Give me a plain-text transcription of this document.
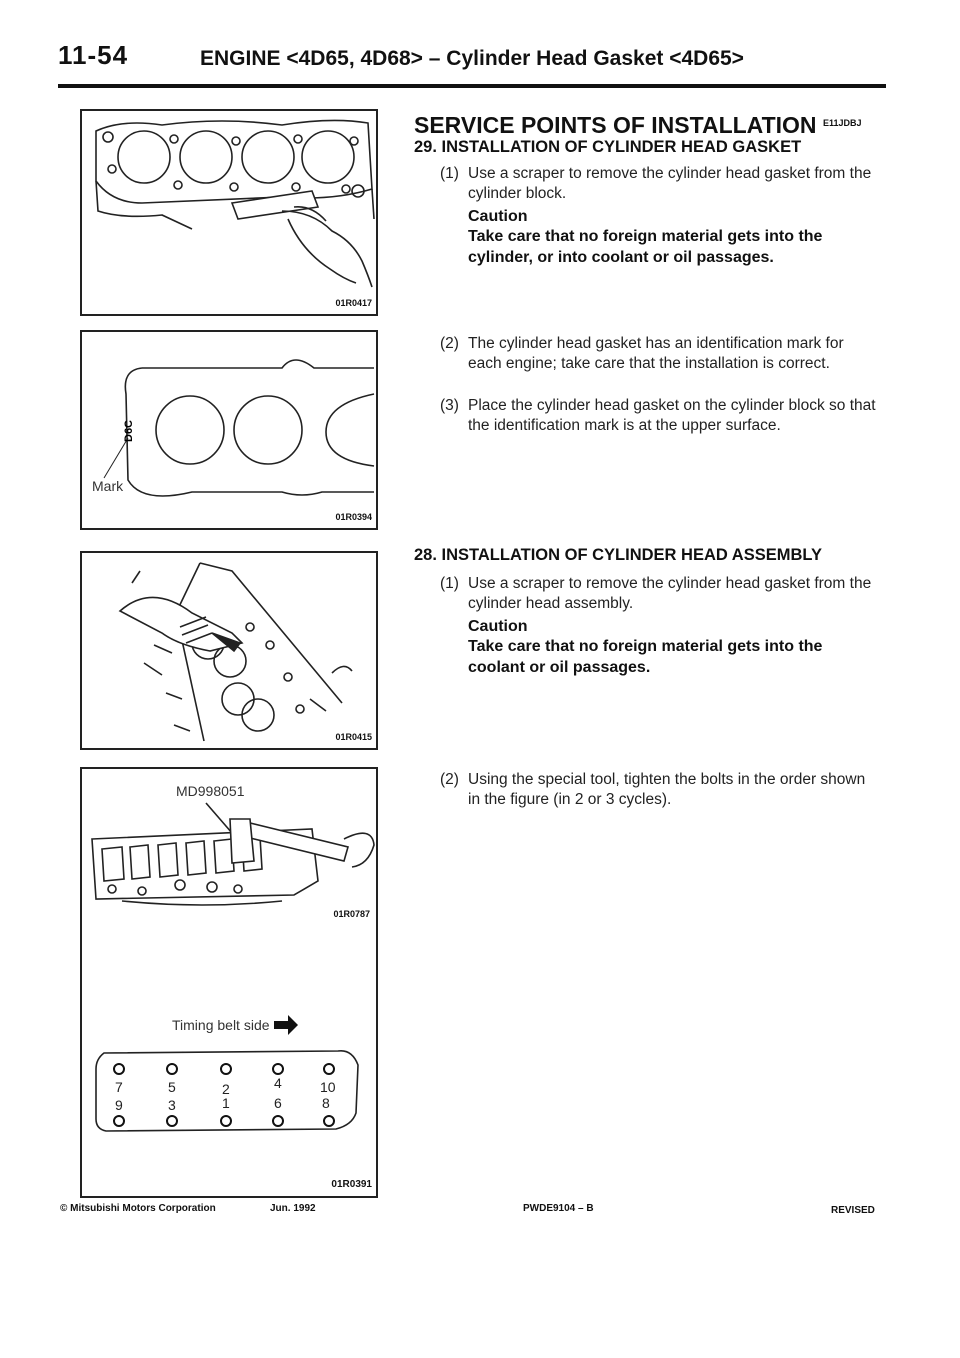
11-54	ENGINE <4D65, 4D68> – Cylinder Head Gasket <4D65>
01R0417
D6C
Mark
01R0394
01R0415
MD998051
01R0787
Timing belt side
7	5	2	4	10
9	3	1	6	8
01R0391
SERVICE POINTS OF INSTALLATION E11JDBJ
29. INSTALLATION OF CYLINDER HEAD GASKET
(1) Use a scraper to remove the cylinder head gasket from the cylinder block.
Caution
Take care that no foreign material gets into the cylinder, or into coolant or oil passages.
(2) The cylinder head gasket has an identification mark for each engine; take care that the installation is correct.
(3) Place the cylinder head gasket on the cylinder block so that the identification mark is at the upper surface.
28. INSTALLATION OF CYLINDER HEAD ASSEMBLY
(1) Use a scraper to remove the cylinder head gasket from the cylinder head assembly.
Caution
Take care that no foreign material gets into the coolant or oil passages.
(2) Using the special tool, tighten the bolts in the order shown in the figure (in 2 or 3 cycles).
© Mitsubishi Motors Corporation	Jun. 1992	PWDE9104 – B	REVISED
